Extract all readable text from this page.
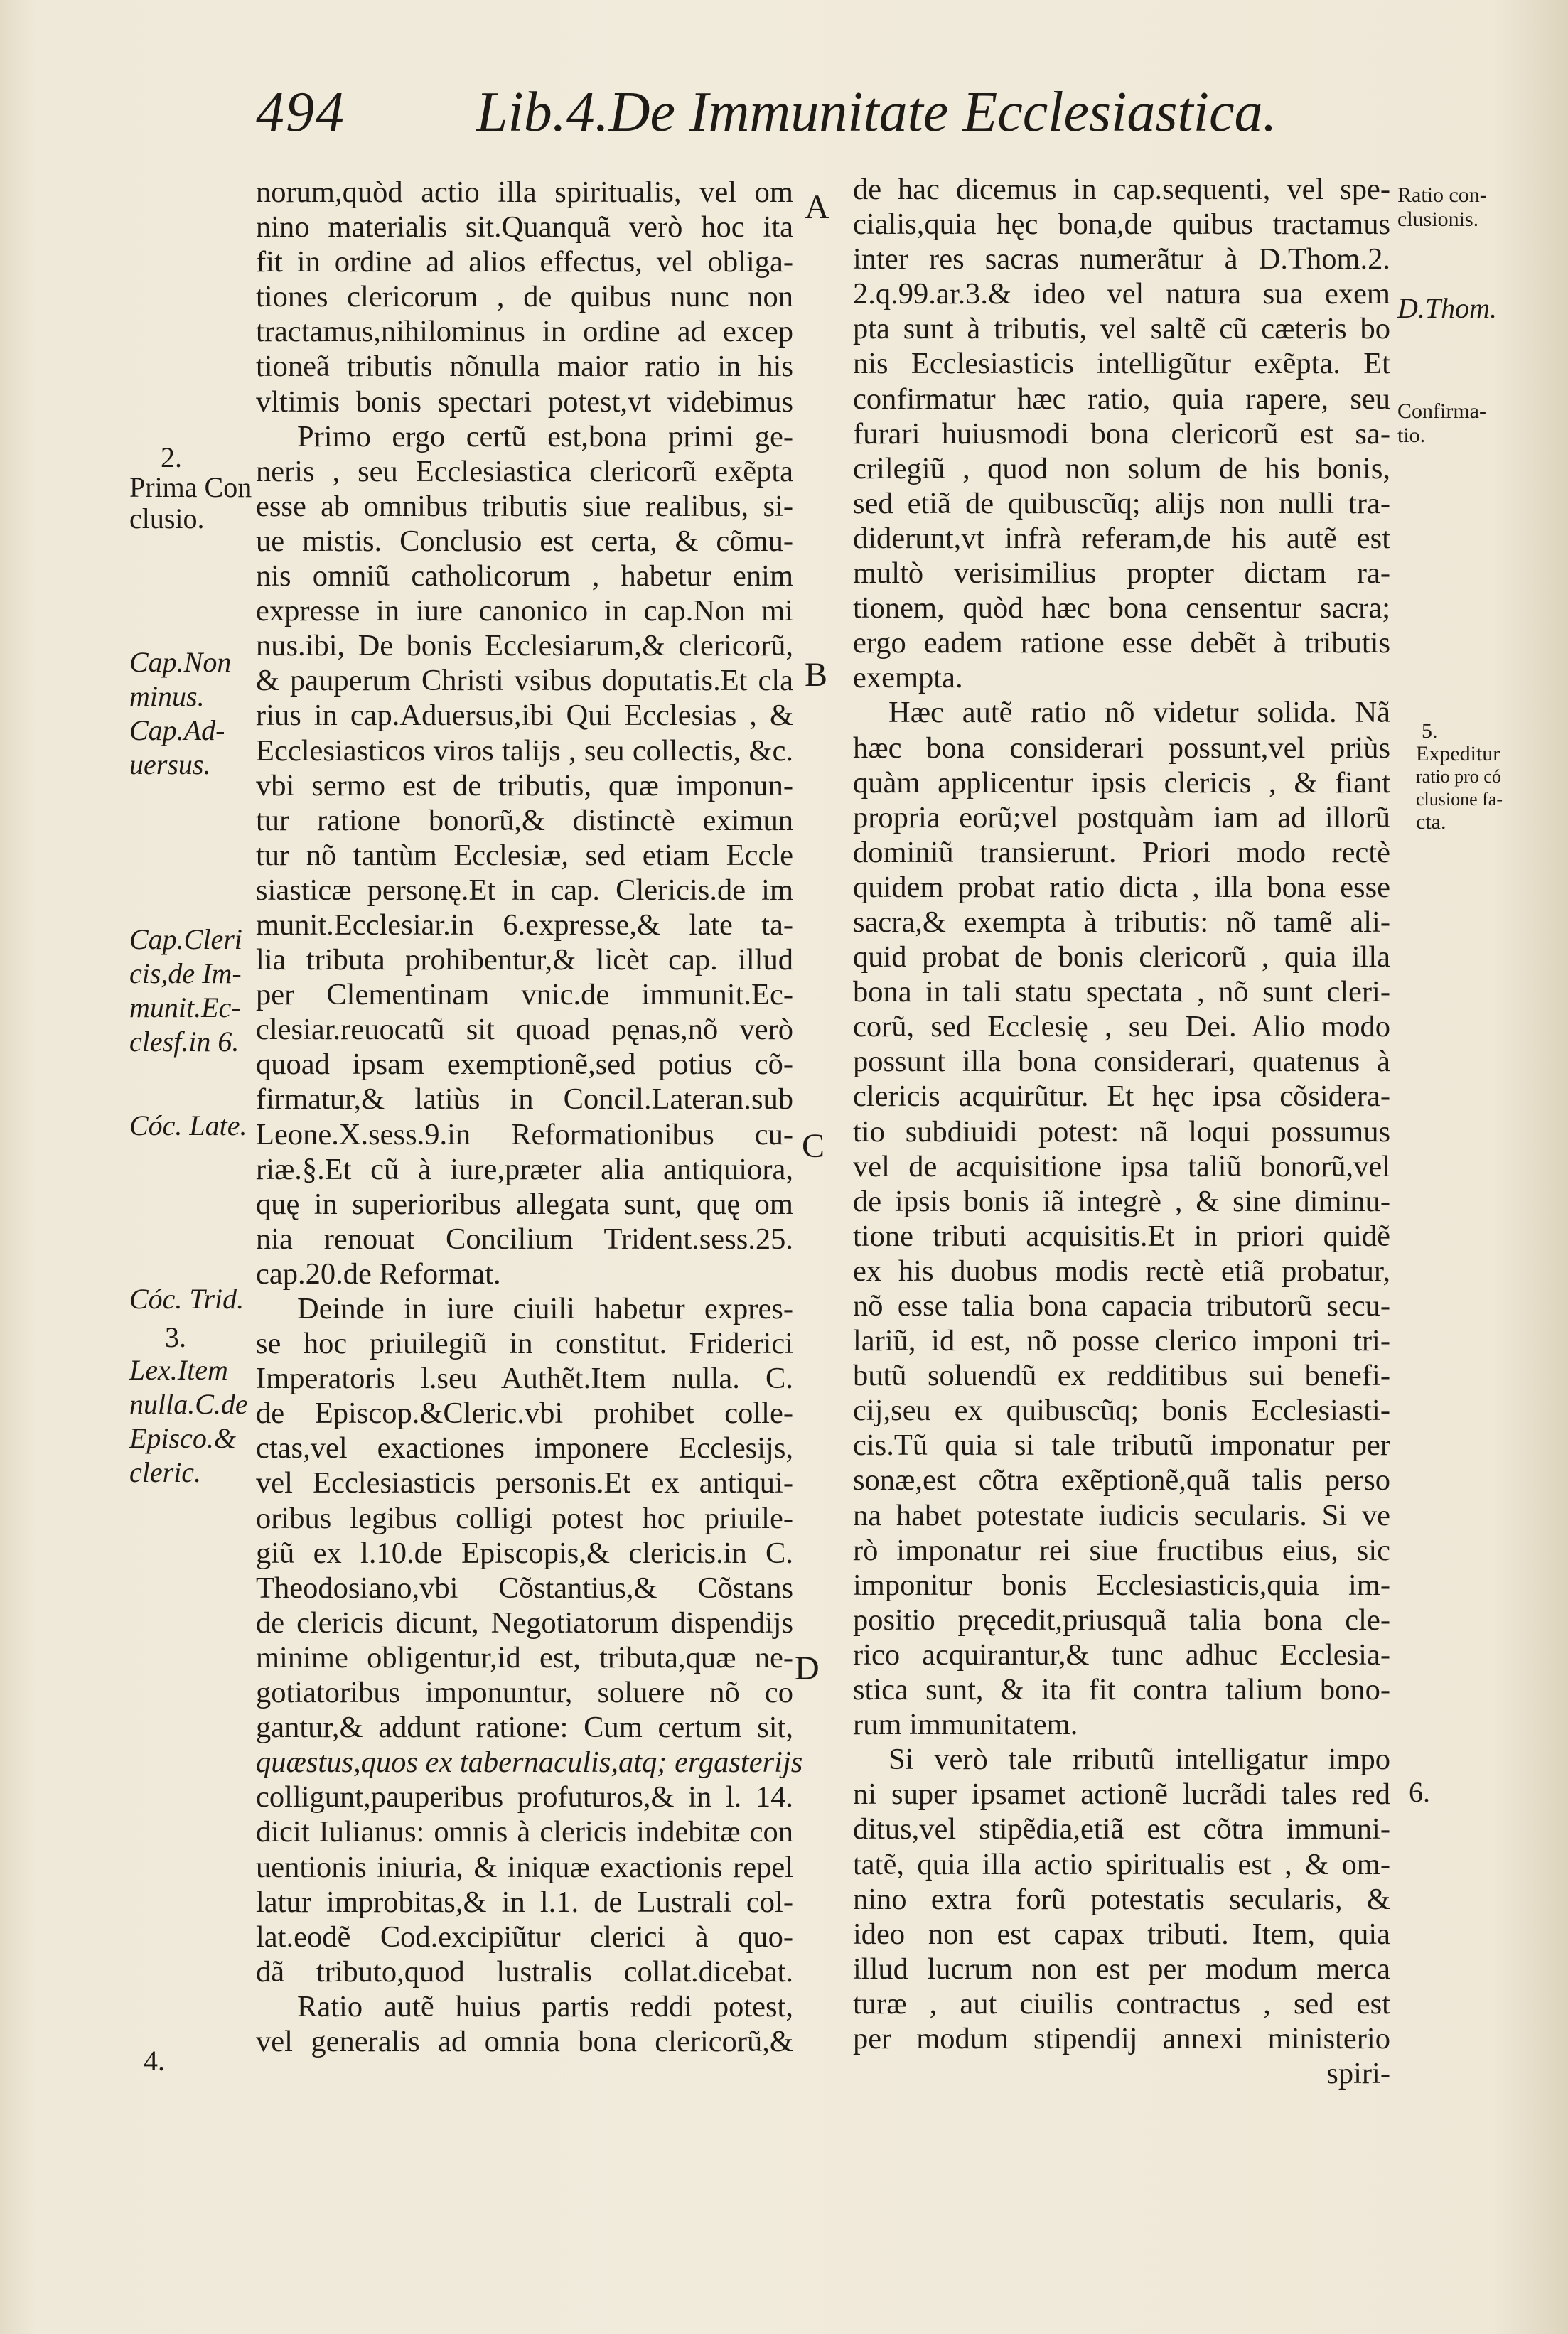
494 Lib.4.De Immunitate Ecclesiastica.
A
B
C
D
2.
Prima Con
clusio.
Cap.Non
minus.
Cap.Ad-
uersus.
Cap.Cleri
cis,de Im-
munit.Ec-
clesf.in 6.
Cóc. Late.
Cóc. Trid.
3.
Lex.Item
nulla.C.de
Episco.&
cleric.
4.
Ratio con-
clusionis.
D.Thom.
Confirma-
tio.
5.
Expeditur
ratio pro có
clusione fa-
cta.
6.
norum,quòd actio illa spiritualis, vel om
nino materialis sit.Quanquã verò hoc ita
fit in ordine ad alios effectus, vel obliga-
tiones clericorum , de quibus nunc non
tractamus,nihilominus in ordine ad excep
tioneã tributis nõnulla maior ratio in his
vltimis bonis spectari potest,vt videbimus
Primo ergo certũ est,bona primi ge-
neris , seu Ecclesiastica clericorũ exẽpta
esse ab omnibus tributis siue realibus, si-
ue mistis. Conclusio est certa, & cõmu-
nis omniũ catholicorum , habetur enim
expresse in iure canonico in cap.Non mi
nus.ibi, De bonis Ecclesiarum,& clericorũ,
& pauperum Christi vsibus doputatis.Et cla
rius in cap.Aduersus,ibi Qui Ecclesias , &
Ecclesiasticos viros talijs , seu collectis, &c.
vbi sermo est de tributis, quæ imponun-
tur ratione bonorũ,& distinctè eximun
tur nõ tantùm Ecclesiæ, sed etiam Eccle
siasticæ personę.Et in cap. Clericis.de im
munit.Ecclesiar.in 6.expresse,& late ta-
lia tributa prohibentur,& licèt cap. illud
per Clementinam vnic.de immunit.Ec-
clesiar.reuocatũ sit quoad pęnas,nõ verò
quoad ipsam exemptionẽ,sed potius cõ-
firmatur,& latiùs in Concil.Lateran.sub
Leone.X.sess.9.in Reformationibus cu-
riæ.§.Et cũ à iure,præter alia antiquiora,
quę in superioribus allegata sunt, quę om
nia renouat Concilium Trident.sess.25.
cap.20.de Reformat.
Deinde in iure ciuili habetur expres-
se hoc priuilegiũ in constitut. Friderici
Imperatoris l.seu Authẽt.Item nulla. C.
de Episcop.&Cleric.vbi prohibet colle-
ctas,vel exactiones imponere Ecclesijs,
vel Ecclesiasticis personis.Et ex antiqui-
oribus legibus colligi potest hoc priuile-
giũ ex l.10.de Episcopis,& clericis.in C.
Theodosiano,vbi Cõstantius,& Cõstans
de clericis dicunt, Negotiatorum dispendijs
minime obligentur,id est, tributa,quæ ne-
gotiatoribus imponuntur, soluere nõ co
gantur,& addunt ratione: Cum certum sit,
quæstus,quos ex tabernaculis,atq; ergasterijs
colligunt,pauperibus profuturos,& in l. 14.
dicit Iulianus: omnis à clericis indebitæ con
uentionis iniuria, & iniquæ exactionis repel
latur improbitas,& in l.1. de Lustrali col-
lat.eodẽ Cod.excipiũtur clerici à quo-
dã tributo,quod lustralis collat.dicebat.
Ratio autẽ huius partis reddi potest,
vel generalis ad omnia bona clericorũ,&
de hac dicemus in cap.sequenti, vel spe-
cialis,quia hęc bona,de quibus tractamus
inter res sacras numerãtur à D.Thom.2.
2.q.99.ar.3.& ideo vel natura sua exem
pta sunt à tributis, vel saltẽ cũ cæteris bo
nis Ecclesiasticis intelligũtur exẽpta. Et
confirmatur hæc ratio, quia rapere, seu
furari huiusmodi bona clericorũ est sa-
crilegiũ , quod non solum de his bonis,
sed etiã de quibuscũq; alijs non nulli tra-
diderunt,vt infrà referam,de his autẽ est
multò verisimilius propter dictam ra-
tionem, quòd hæc bona censentur sacra;
ergo eadem ratione esse debẽt à tributis
exempta.
Hæc autẽ ratio nõ videtur solida. Nã
hæc bona considerari possunt,vel priùs
quàm applicentur ipsis clericis , & fiant
propria eorũ;vel postquàm iam ad illorũ
dominiũ transierunt. Priori modo rectè
quidem probat ratio dicta , illa bona esse
sacra,& exempta à tributis: nõ tamẽ ali-
quid probat de bonis clericorũ , quia illa
bona in tali statu spectata , nõ sunt cleri-
corũ, sed Ecclesię , seu Dei. Alio modo
possunt illa bona considerari, quatenus à
clericis acquirũtur. Et hęc ipsa cõsidera-
tio subdiuidi potest: nã loqui possumus
vel de acquisitione ipsa taliũ bonorũ,vel
de ipsis bonis iã integrè , & sine diminu-
tione tributi acquisitis.Et in priori quidẽ
ex his duobus modis rectè etiã probatur,
nõ esse talia bona capacia tributorũ secu-
lariũ, id est, nõ posse clerico imponi tri-
butũ soluendũ ex redditibus sui benefi-
cij,seu ex quibuscũq; bonis Ecclesiasti-
cis.Tũ quia si tale tributũ imponatur per
sonæ,est cõtra exẽptionẽ,quã talis perso
na habet potestate iudicis secularis. Si ve
rò imponatur rei siue fructibus eius, sic
imponitur bonis Ecclesiasticis,quia im-
positio pręcedit,priusquã talia bona cle-
rico acquirantur,& tunc adhuc Ecclesia-
stica sunt, & ita fit contra talium bono-
rum immunitatem.
Si verò tale rributũ intelligatur impo
ni super ipsamet actionẽ lucrãdi tales red
ditus,vel stipẽdia,etiã est cõtra immuni-
tatẽ, quia illa actio spiritualis est , & om-
nino extra forũ potestatis secularis, &
ideo non est capax tributi. Item, quia
illud lucrum non est per modum merca
turæ , aut ciuilis contractus , sed est
per modum stipendij annexi ministerio
spiri-
